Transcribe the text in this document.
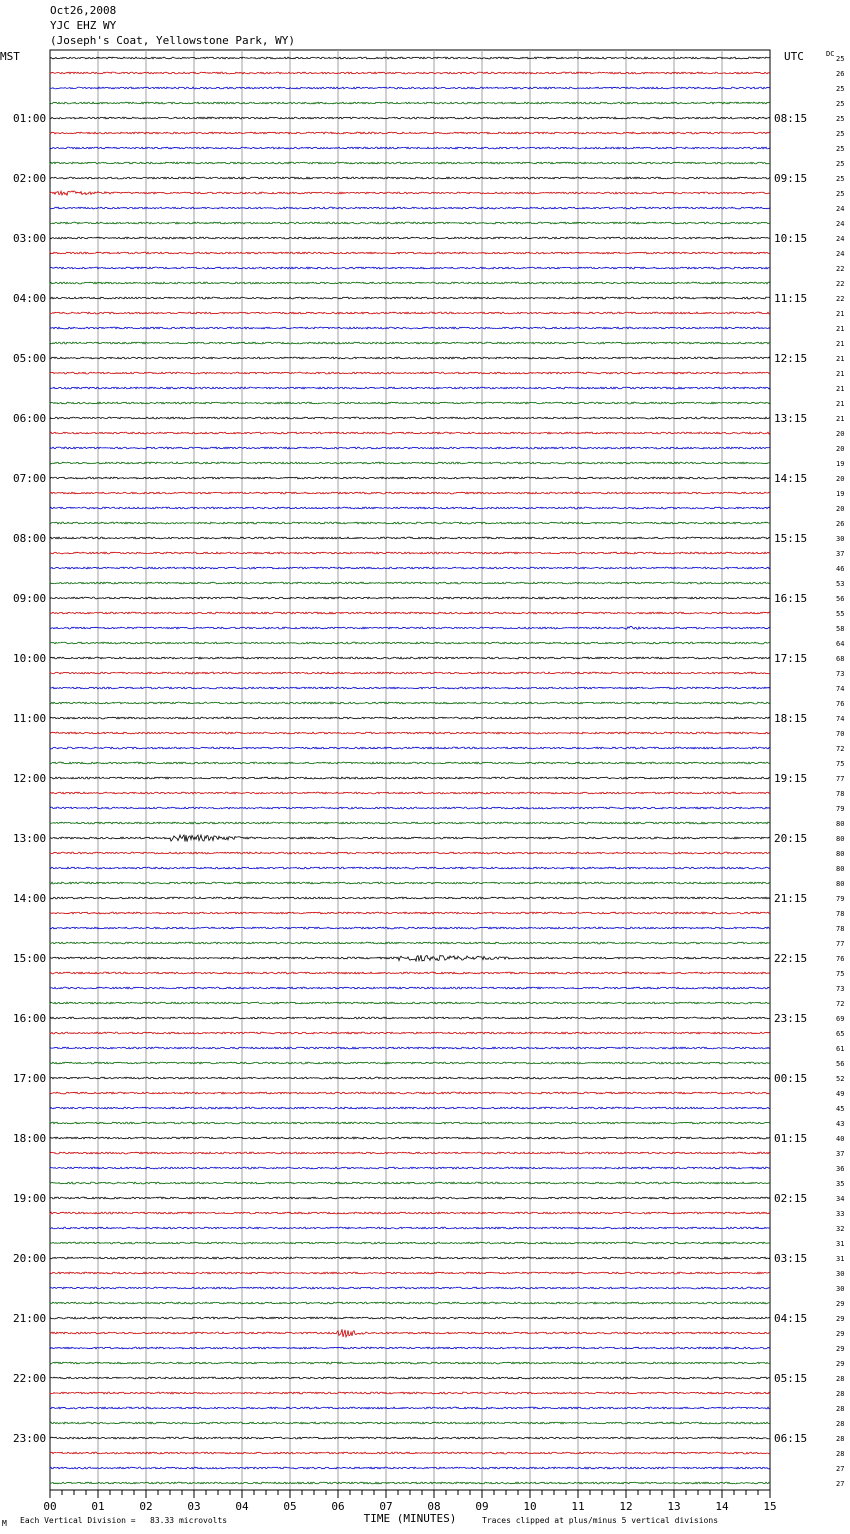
Oct26,2008
YJC EHZ WY
(Joseph's Coat, Yellowstone Park, WY)
MST	UTC	DC
25
26
25
25
25
25
25
25
25
25
24
24
24
24
22
22
22
21
21
21
21
21
21
21
21
20
20
19
20
19
20
26
30
37
46
53
56
55
58
64
68
73
74
76
74
70
72
75
77
78
79
80
80
80
80
80
79
78
78
77
76
75
73
72
69
65
61
56
52
49
45
43
40
37
36
35
34
33
32
31
31
30
30
29
29
29
29
29
28
28
28
28
28
28
27
27
01:00
02:00
03:00
04:00
05:00
06:00
07:00
08:00
09:00
10:00
11:00
12:00
13:00
14:00
15:00
16:00
17:00
18:00
19:00
20:00
21:00
22:00
23:00
08:15
09:15
10:15
11:15
12:15
13:15
14:15
15:15
16:15
17:15
18:15
19:15
20:15
21:15
22:15
23:15
00:15
01:15
02:15
03:15
04:15
05:15
06:15
00	01	02	03	04	05	06	07	08	09	10	11	12	13	14	15
TIME (MINUTES)
M Each Vertical Division =   83.33 microvolts	Traces clipped at plus/minus 5 vertical divisions
